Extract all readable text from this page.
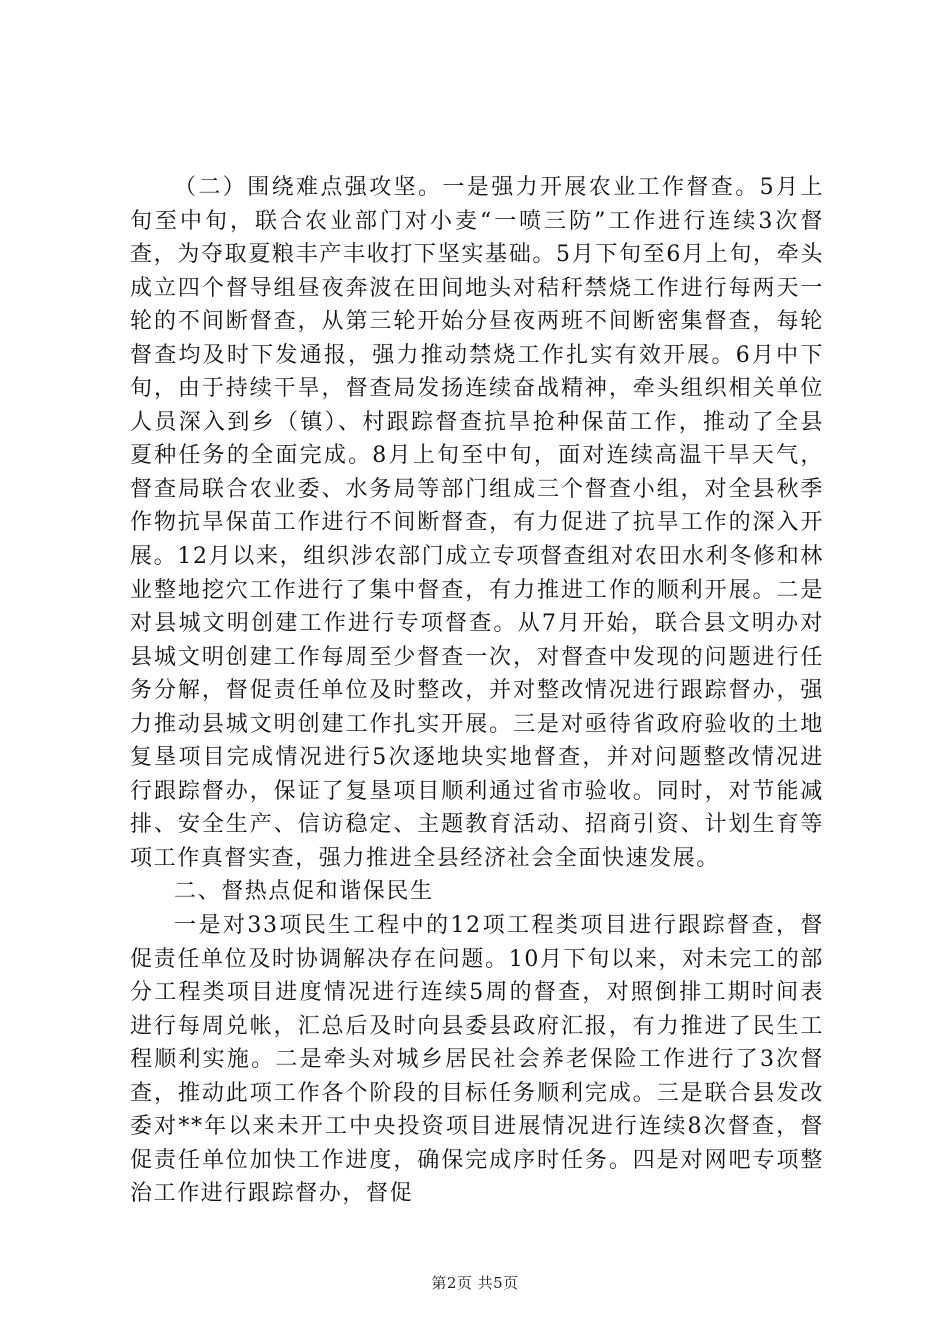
（二）围绕难点强攻坚。一是强力开展农业工作督查。5月上旬至中旬，联合农业部门对小麦“一喷三防”工作进行连续3次督查，为夺取夏粮丰产丰收打下坚实基础。5月下旬至6月上旬，牵头成立四个督导组昼夜奔波在田间地头对秸秆禁烧工作进行每两天一轮的不间断督查，从第三轮开始分昼夜两班不间断密集督查，每轮督查均及时下发通报，强力推动禁烧工作扎实有效开展。6月中下旬，由于持续干旱，督查局发扬连续奋战精神，牵头组织相关单位人员深入到乡（镇）、村跟踪督查抗旱抢种保苗工作，推动了全县夏种任务的全面完成。8月上旬至中旬，面对连续高温干旱天气，督查局联合农业委、水务局等部门组成三个督查小组，对全县秋季作物抗旱保苗工作进行不间断督查，有力促进了抗旱工作的深入开展。12月以来，组织涉农部门成立专项督查组对农田水利冬修和林业整地挖穴工作进行了集中督查，有力推进工作的顺利开展。二是对县城文明创建工作进行专项督查。从7月开始，联合县文明办对县城文明创建工作每周至少督查一次，对督查中发现的问题进行任务分解，督促责任单位及时整改，并对整改情况进行跟踪督办，强力推动县城文明创建工作扎实开展。三是对亟待省政府验收的土地复垦项目完成情况进行5次逐地块实地督查，并对问题整改情况进行跟踪督办，保证了复垦项目顺利通过省市验收。同时，对节能减排、安全生产、信访稳定、主题教育活动、招商引资、计划生育等项工作真督实查，强力推进全县经济社会全面快速发展。

二、督热点促和谐保民生

一是对33项民生工程中的12项工程类项目进行跟踪督查，督促责任单位及时协调解决存在问题。10月下旬以来，对未完工的部分工程类项目进度情况进行连续5周的督查，对照倒排工期时间表进行每周兑帐，汇总后及时向县委县政府汇报，有力推进了民生工程顺利实施。二是牵头对城乡居民社会养老保险工作进行了3次督查，推动此项工作各个阶段的目标任务顺利完成。三是联合县发改委对**年以来未开工中央投资项目进展情况进行连续8次督查，督促责任单位加快工作进度，确保完成序时任务。四是对网吧专项整治工作进行跟踪督办，督促

第2页 共5页
